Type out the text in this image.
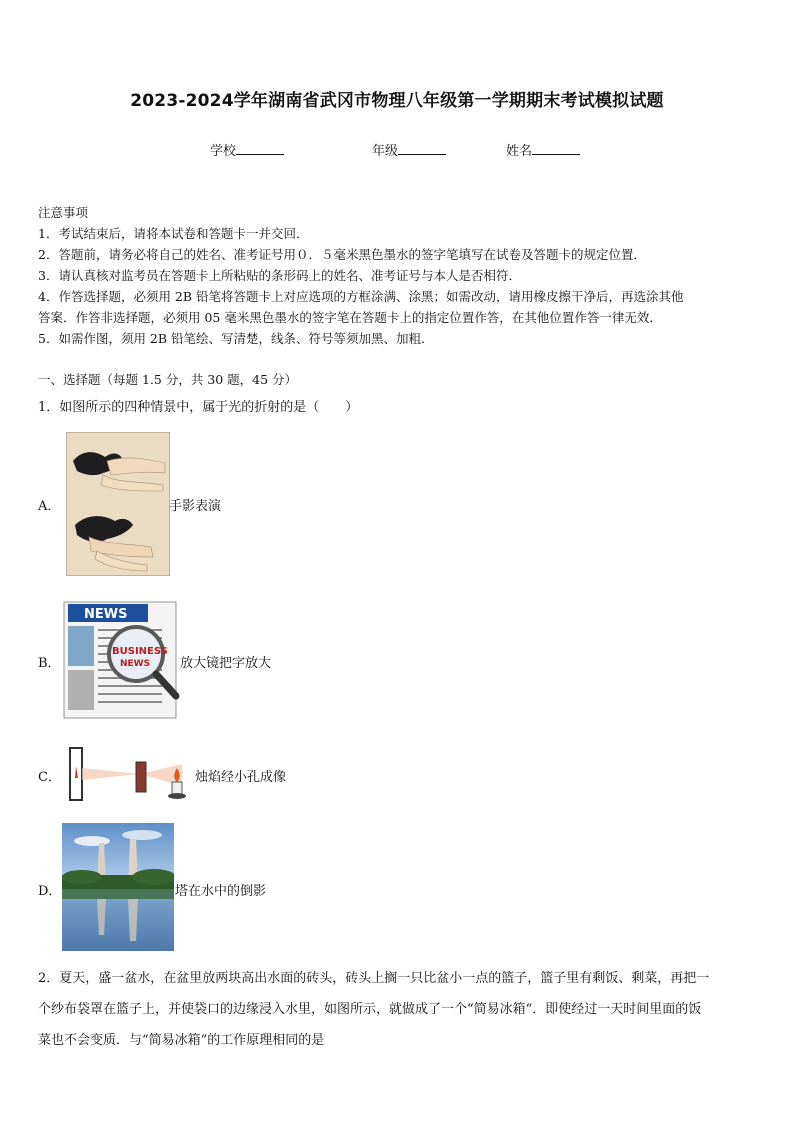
2023-2024学年湖南省武冈市物理八年级第一学期期末考试模拟试题
学校	年级	姓名
注意事项
1．考试结束后，请将本试卷和答题卡一并交回．
2．答题前，请务必将自己的姓名、准考证号用０．５毫米黑色墨水的签字笔填写在试卷及答题卡的规定位置．
3．请认真核对监考员在答题卡上所粘贴的条形码上的姓名、准考证号与本人是否相符．
4．作答选择题，必须用 2B 铅笔将答题卡上对应选项的方框涂满、涂黑；如需改动，请用橡皮擦干净后，再选涂其他
答案．作答非选择题，必须用 05 毫米黑色墨水的签字笔在答题卡上的指定位置作答，在其他位置作答一律无效．
5．如需作图，须用 2B 铅笔绘、写清楚，线条、符号等须加黑、加粗．
一、选择题（每题 1.5 分，共 30 题，45 分）
1．如图所示的四种情景中，属于光的折射的是（　　）
A．	手影表演
B．
NEWS
BUSINESS
NEWS 放大镜把字放大
C．	烛焰经小孔成像
D．	塔在水中的倒影
2．夏天，盛一盆水，在盆里放两块高出水面的砖头，砖头上搁一只比盆小一点的篮子，篮子里有剩饭、剩菜，再把一
个纱布袋罩在篮子上，并使袋口的边缘浸入水里，如图所示，就做成了一个“简易冰箱“．即使经过一天时间里面的饭
菜也不会变质．与“简易冰箱”的工作原理相同的是
